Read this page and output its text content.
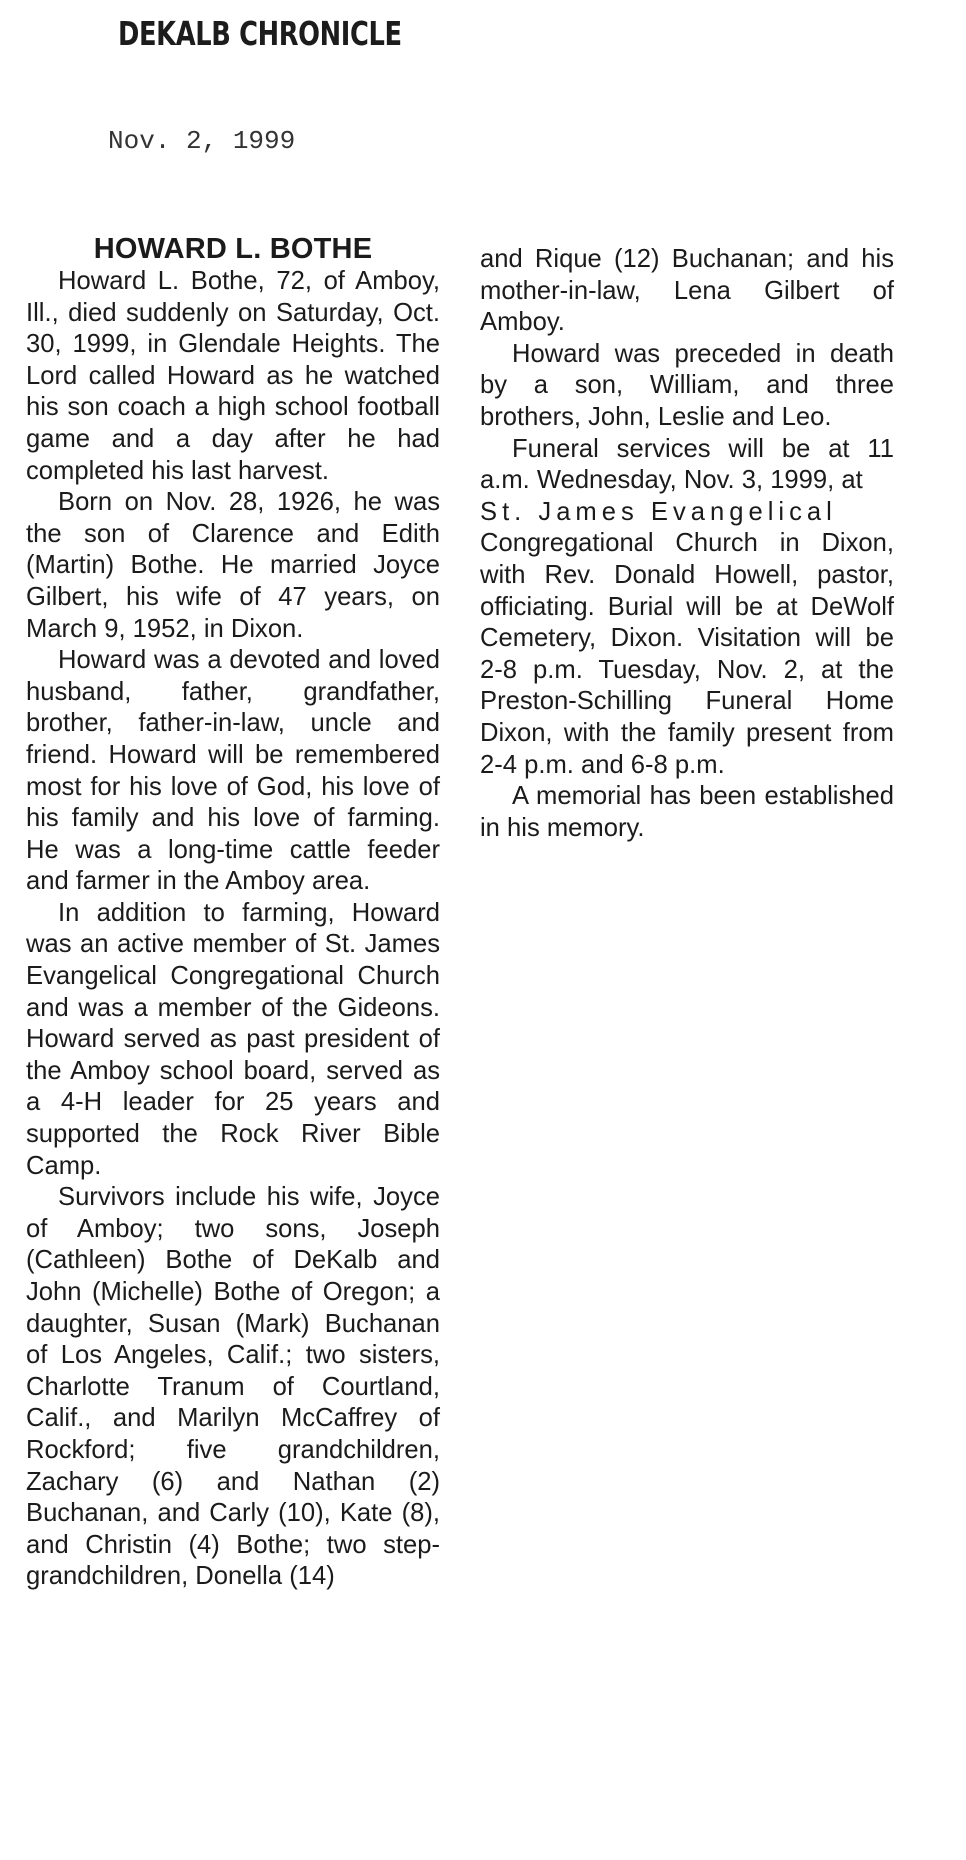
DEKALB CHRONICLE
Nov. 2, 1999
HOWARD L. BOTHE

Howard L. Bothe, 72, of Amboy, Ill., died suddenly on Saturday, Oct. 30, 1999, in Glendale Heights. The Lord called Howard as he watched his son coach a high school football game and a day after he had completed his last harvest.

Born on Nov. 28, 1926, he was the son of Clarence and Edith (Martin) Bothe. He married Joyce Gilbert, his wife of 47 years, on March 9, 1952, in Dixon.

Howard was a devoted and loved husband, father, grandfather, brother, father-in-law, uncle and friend. Howard will be remembered most for his love of God, his love of his family and his love of farming. He was a long-time cattle feeder and farmer in the Amboy area.

In addition to farming, Howard was an active member of St. James Evangelical Congregational Church and was a member of the Gideons. Howard served as past president of the Amboy school board, served as a 4-H leader for 25 years and supported the Rock River Bible Camp.

Survivors include his wife, Joyce of Amboy; two sons, Joseph (Cathleen) Bothe of DeKalb and John (Michelle) Bothe of Oregon; a daughter, Susan (Mark) Buchanan of Los Angeles, Calif.; two sisters, Charlotte Tranum of Courtland, Calif., and Marilyn McCaffrey of Rockford; five grandchildren, Zachary (6) and Nathan (2) Buchanan, and Carly (10), Kate (8), and Christin (4) Bothe; two step-grandchildren, Donella (14)

and Rique (12) Buchanan; and his mother-in-law, Lena Gilbert of Amboy.

Howard was preceded in death by a son, William, and three brothers, John, Leslie and Leo.

Funeral services will be at 11 a.m. Wednesday, Nov. 3, 1999, at

St. James Evangelical

Congregational Church in Dixon, with Rev. Donald Howell, pastor, officiating. Burial will be at DeWolf Cemetery, Dixon. Visitation will be 2-8 p.m. Tuesday, Nov. 2, at the Preston-Schilling Funeral Home Dixon, with the family present from 2-4 p.m. and 6-8 p.m.

A memorial has been established in his memory.
